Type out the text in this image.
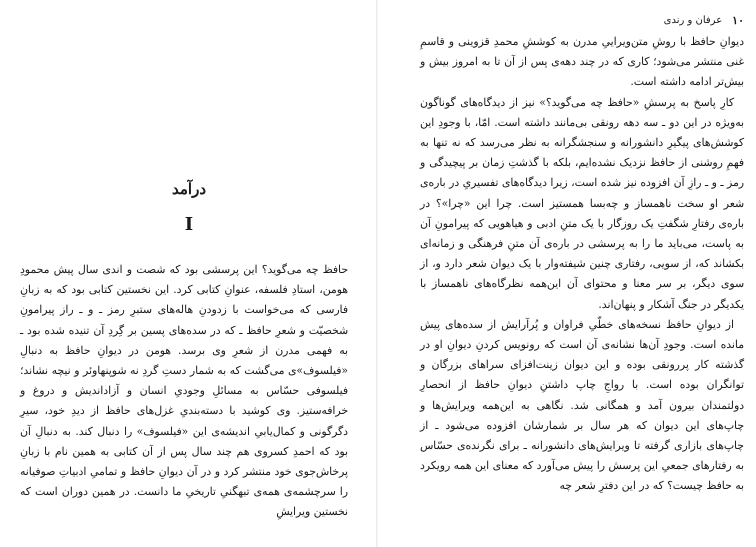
درآمد
I

حافظ چه می‌گوید؟ این پرسشی بود که شصت و اندی سال پیش محمودِ هومن، استادِ فلسفه، عنوانِ کتابی کرد. این نخستین کتابی بود که به زبانِ فارسی که می‌خواست با زدودنِ هاله‌های ستبرِ رمز ـ و ـ راز پیرامونِ شخصیّت و شعرِ حافظ ـ که در سده‌های پسین بر گِردِ آن تنیده شده بود ـ به فهمی مدرن از شعرِ وی برسد. هومن در دیوانِ حافظ به دنبالِ «فیلسوف»ی می‌گشت که به شمار دستِ گردِ نه شوپنهاوئر و نیچه نشاند؛ فیلسوفی حسّاس به مسائلِ وجودیِ انسان و آزاداندیش و دروغ‌ و خرافه‌ستیز. وی کوشید با دسته‌بندیِ غزل‌های حافظ از دیدِ خود، سیرِ دگرگونی و کمال‌یابیِ اندیشه‌ی این «فیلسوف» را دنبال کند. به دنبالِ آن بود که احمدِ کسروی هم چند سال پس از آن کتابی به همین نام با زبانِ پرخاش‌جوی خود منتشر کرد و در آن دیوانِ حافظ و تمامیِ ادبیاتِ صوفیانه را سرچشمه‌ی همه‌ی تبهگنیِ تاریخیِ ما دانست. در همین دوران است که نخستین ویرایشِ

۱۰
عرفان و رندی

دیوانِ حافظ با روشِ متن‌ویراییِ مدرن به کوششِ محمدِ قزوینی و قاسمِ غنی منتشر می‌شود؛ کاری که در چند دهه‌ی پس از آن تا به امروز بیش و بیش‌تر ادامه داشته است.

کارِ پاسخ به پرسشِ «حافظ چه می‌گوید؟» نیز از دیدگاه‌های گوناگون به‌ویژه در این دو ـ سه دهه رونقی بی‌مانند داشته است. امّا، با وجودِ این کوشش‌های پیگیرِ دانشورانه و سنجشگرانه به نظر می‌رسد که نه تنها به فهمِ روشنی از حافظ نزدیک نشده‌ایم، بلکه با گذشتِ زمان بر پیچیدگی و رمز ـ و ـ رازِ آن افزوده نیز شده است، زیرا دیدگاه‌های تفسیریِ در باره‌ی شعر او سخت ناهمساز و چه‌بسا همستیز است. چرا این «چرا»؟ در باره‌ی رفتارِ شگفتِ یک روزگار با یک متنِ ادبی و هیاهویی که پیرامونِ آن به پاست، می‌باید ما را به پرسشی در باره‌ی آن متنِ فرهنگی و زمانه‌ای بکشاند که، از سویی، رفتاری چنین شیفته‌وار با یک دیوان شعر دارد و، از سوی دیگر، بر سر معنا و محتوای آن این‌همه نظرگاه‌های ناهمساز با یکدیگر در جنگ آشکار و پنهان‌اند.

از دیوانِ حافظ نسخه‌های خطّیِ فراوان و پُرآرایش از سده‌های پیش مانده است. وجودِ آن‌ها نشانه‌ی آن است که رونویس کردنِ دیوانِ او در گذشته کار پررونقی بوده و این دیوان زینت‌افزای سراهای بزرگان و توانگران بوده است. با رواجِ چاپ داشتنِ دیوانِ حافظ از انحصارِ دولتمندان بیرون آمد و همگانی شد. نگاهی به این‌همه ویرایش‌ها و چاپ‌های این دیوان که هر سال بر شمارشان افزوده می‌شود ـ از چاپ‌های بازاری گرفته تا ویرایش‌های دانشورانه ـ برای نگرنده‌ی حسّاس به رفتارهای جمعیِ این پرسش را پیش می‌آورد که معنای این همه رویکرد به حافظ چیست؟ که در این دفترِ شعر چه
